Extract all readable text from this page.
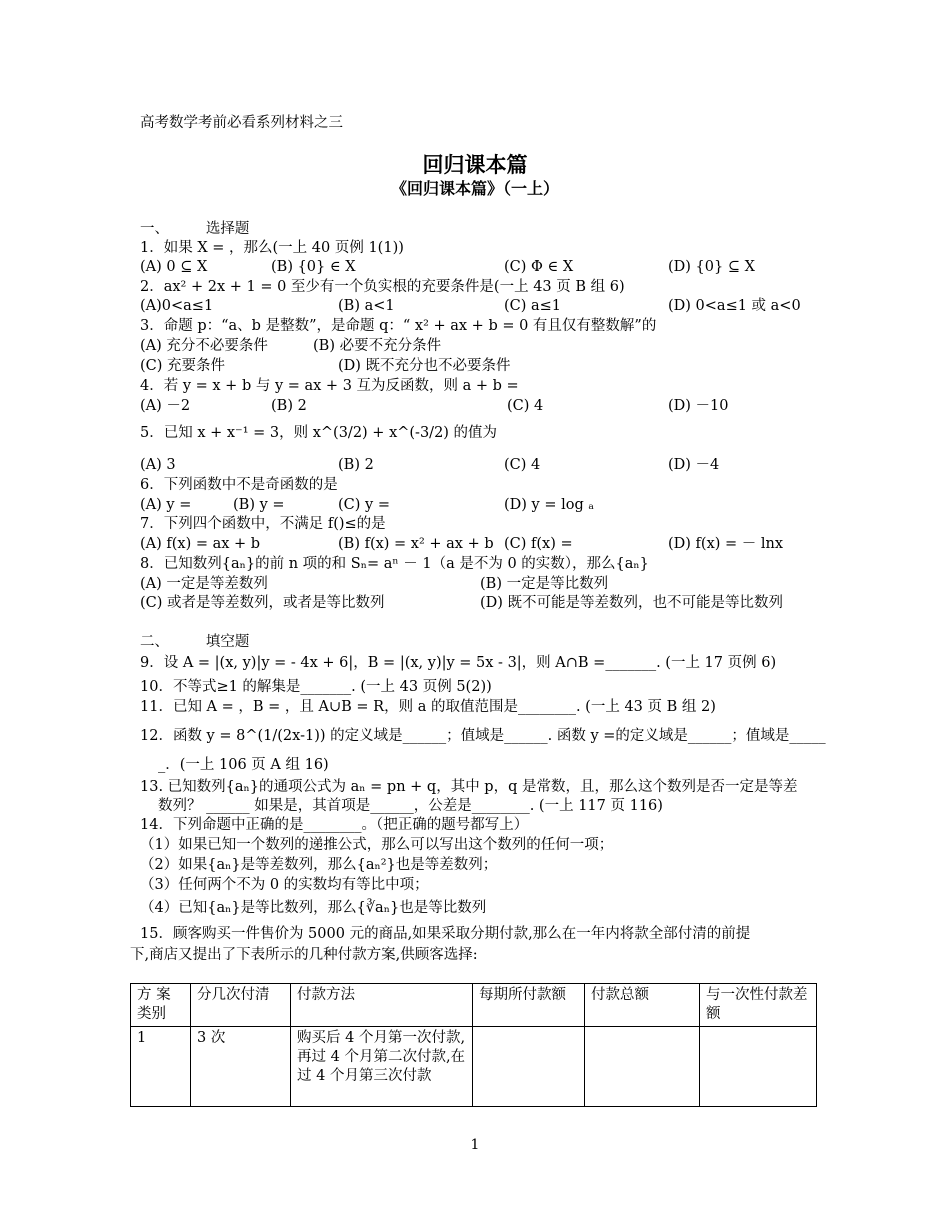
高考数学考前必看系列材料之三
回归课本篇
《回归课本篇》（一上）
一、        选择题
1．如果 X = ，那么(一上 40 页例 1(1))
(A) 0 ⊆ X	(B) {0} ∈ X	(C) Φ ∈ X	(D) {0} ⊆ X
2．ax² + 2x + 1 = 0 至少有一个负实根的充要条件是(一上 43 页 B 组 6)
(A)0<a≤1	(B) a<1	(C) a≤1	(D) 0<a≤1 或 a<0
3．命题 p：“a、b 是整数”，是命题 q：“ x² + ax + b = 0 有且仅有整数解”的
(A) 充分不必要条件	(B) 必要不充分条件
(C) 充要条件	(D) 既不充分也不必要条件
4．若 y = x + b 与 y = ax + 3 互为反函数，则 a + b =
(A) －2	(B) 2	(C) 4	(D) －10
5．已知 x + x⁻¹ = 3，则 x^(3/2) + x^(-3/2) 的值为
(A) 3	(B) 2	(C) 4	(D) －4
6．下列函数中不是奇函数的是
(A) y =	(B) y =	(C) y =	(D) y = log ₐ
7．下列四个函数中，不满足 f()≤的是
(A) f(x) = ax + b	(B) f(x) = x² + ax + b (C) f(x) =	(D) f(x) = － lnx
8．已知数列{aₙ}的前 n 项的和 Sₙ= aⁿ － 1（a 是不为 0 的实数），那么{aₙ}
(A) 一定是等差数列	(B) 一定是等比数列
(C) 或者是等差数列，或者是等比数列	(D) 既不可能是等差数列，也不可能是等比数列
二、        填空题
9．设 A = |(x, y)|y = - 4x + 6|，B = |(x, y)|y = 5x - 3|，则 A∩B =_______. (一上 17 页例 6)
10．不等式≥1 的解集是_______. (一上 43 页例 5(2))
11．已知 A = ，B = ，且 A∪B = R，则 a 的取值范围是________. (一上 43 页 B 组 2)
12．函数 y = 8^(1/(2x-1)) 的定义域是______；值域是______. 函数 y =的定义域是______；值域是_____
_．(一上 106 页 A 组 16)
13. 已知数列{aₙ}的通项公式为 aₙ = pn + q，其中 p，q 是常数，且，那么这个数列是否一定是等差
数列？ ______ 如果是，其首项是______，公差是________. (一上 117 页 116)
14．下列命题中正确的是________。（把正确的题号都写上）
（1）如果已知一个数列的递推公式，那么可以写出这个数列的任何一项；
（2）如果{aₙ}是等差数列，那么{aₙ²}也是等差数列；
（3）任何两个不为 0 的实数均有等比中项；
（4）已知{aₙ}是等比数列，那么{∛aₙ}也是等比数列
15．顾客购买一件售价为 5000 元的商品,如果采取分期付款,那么在一年内将款全部付清的前提
下,商店又提出了下表所示的几种付款方案,供顾客选择:
方 案 类别	分几次付清	付款方法	每期所付款额	付款总额	与一次性付款差额
1	3 次	购买后 4 个月第一次付款,再过 4 个月第二次付款,在过 4 个月第三次付款			
1
